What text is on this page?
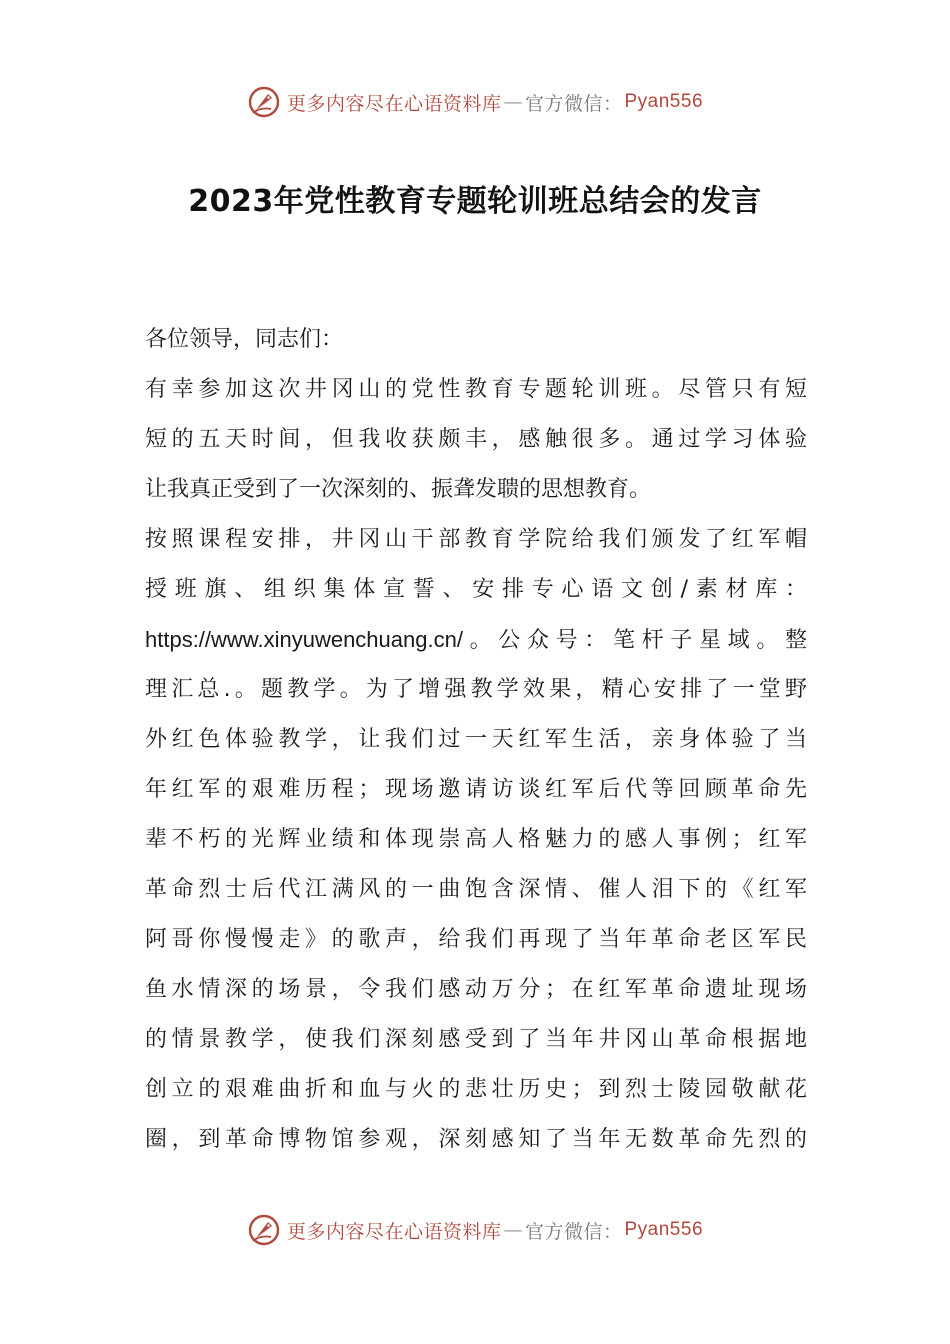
更多内容尽在心语资料库 — 官方微信： Pyan556
2023年党性教育专题轮训班总结会的发言
各位领导，同志们：
有幸参加这次井冈山的党性教育专题轮训班。尽管只有短
短的五天时间，但我收获颇丰，感触很多。通过学习体验
让我真正受到了一次深刻的、振聋发聩的思想教育。
按照课程安排，井冈山干部教育学院给我们颁发了红军帽
授班旗、组织集体宣誓、安排专心语文创/素材库：
https://www.xinyuwenchuang.cn/。公众号：笔杆子星域。整
理汇总.。题教学。为了增强教学效果，精心安排了一堂野
外红色体验教学，让我们过一天红军生活，亲身体验了当
年红军的艰难历程；现场邀请访谈红军后代等回顾革命先
辈不朽的光辉业绩和体现崇高人格魅力的感人事例；红军
革命烈士后代江满风的一曲饱含深情、催人泪下的《红军
阿哥你慢慢走》的歌声，给我们再现了当年革命老区军民
鱼水情深的场景，令我们感动万分；在红军革命遗址现场
的情景教学，使我们深刻感受到了当年井冈山革命根据地
创立的艰难曲折和血与火的悲壮历史；到烈士陵园敬献花
圈，到革命博物馆参观，深刻感知了当年无数革命先烈的
更多内容尽在心语资料库 — 官方微信： Pyan556
